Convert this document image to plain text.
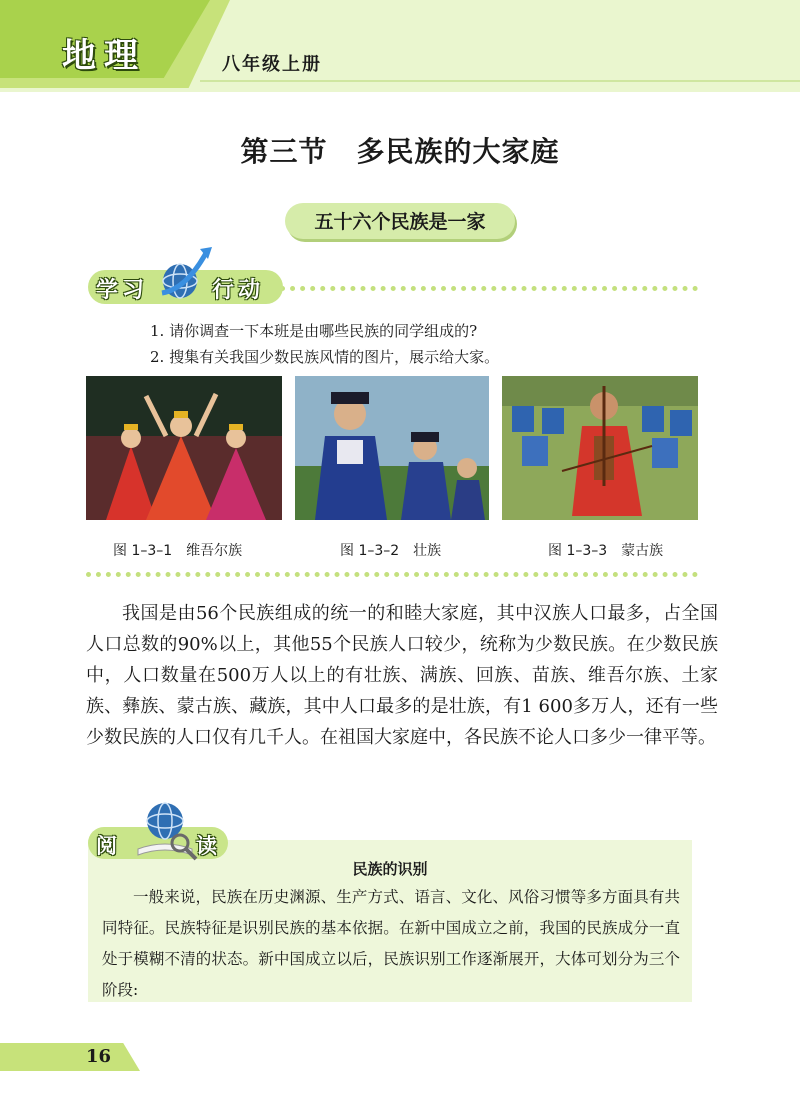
地理	八年级上册
第三节　多民族的大家庭
五十六个民族是一家
学习	行动
1. 请你调查一下本班是由哪些民族的同学组成的?
2. 搜集有关我国少数民族风情的图片，展示给大家。
图 1–3–1　维吾尔族	图 1–3–2　壮族	图 1–3–3　蒙古族
我国是由56个民族组成的统一的和睦大家庭，其中汉族人口最多，占全国人口总数的90%以上，其他55个民族人口较少，统称为少数民族。在少数民族中，人口数量在500万人以上的有壮族、满族、回族、苗族、维吾尔族、土家族、彝族、蒙古族、藏族，其中人口最多的是壮族，有1 600多万人，还有一些少数民族的人口仅有几千人。在祖国大家庭中，各民族不论人口多少一律平等。
阅	读
民族的识别
一般来说，民族在历史渊源、生产方式、语言、文化、风俗习惯等多方面具有共同特征。民族特征是识别民族的基本依据。在新中国成立之前，我国的民族成分一直处于模糊不清的状态。新中国成立以后，民族识别工作逐渐展开，大体可划分为三个阶段:
16
